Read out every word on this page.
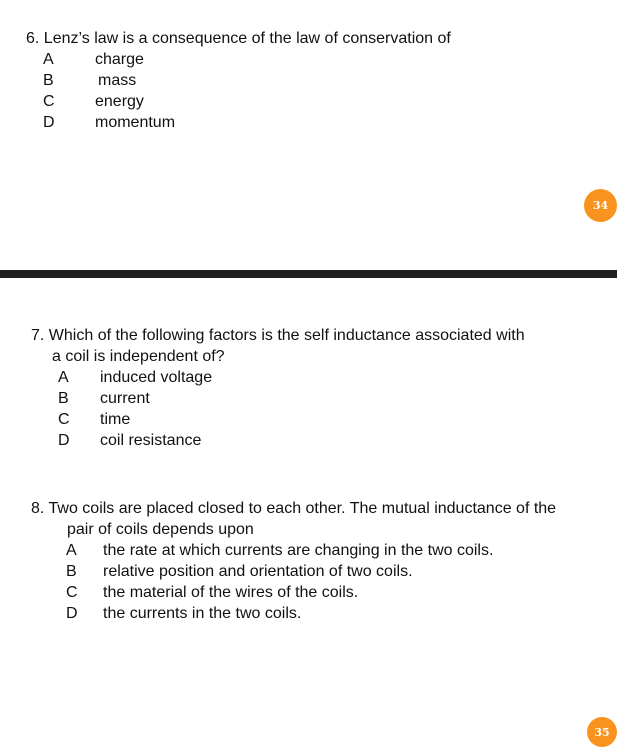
6. Lenz’s law is a consequence of the law of conservation of
A	charge
B	mass
C	energy
D	momentum
34
7. Which of the following factors is the self inductance associated with
a coil is independent of?
A induced voltage
B current
C time
D coil resistance
8. Two coils are placed closed to each other. The mutual inductance of the
pair of coils depends upon
A the rate at which currents are changing in the two coils.
B relative position and orientation of two coils.
C the material of the wires of the coils.
D the currents in the two coils.
35
